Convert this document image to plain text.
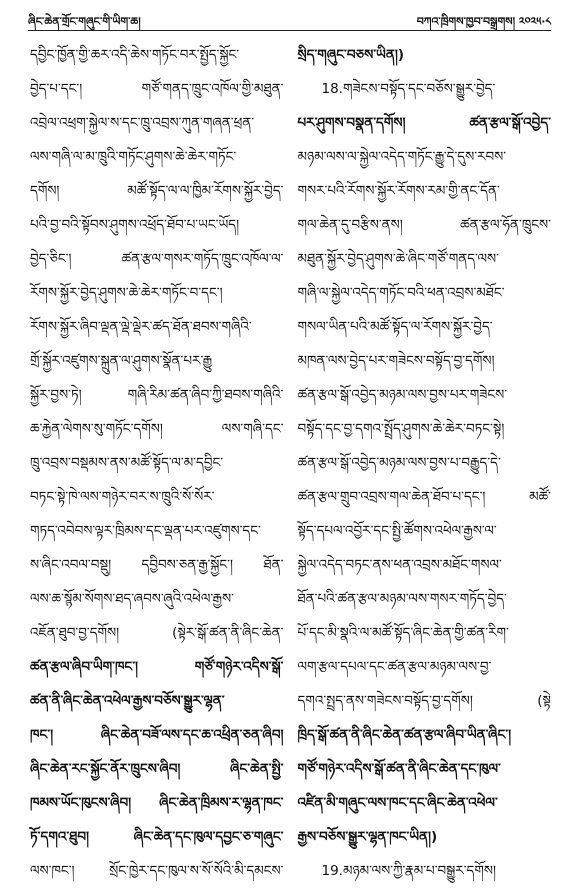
ཞིང་ཆེན་གྲོང་གཞུང་གི་ཡིག་ཆ།	བཀའ་ཁྲིགས་ཁྱབ་བསྒྲགས། ༢༠༢༥·༨
དབྱིང་ཁྱོན་གྱི་ཆར་འདི་ཆེས་གཏོང་བར་སྤྱོད་སྐྱོང་
བྱེད་པ་དང་། གཙོ་གནད་ཁྲུང་འཁོལ་གྱི་མཐུན་
འབྲེལ་འཕྲག་སྐྱེལ་ས་དང་ཁྲུ་འབྲས་ཀུན་གཞན་ཕྲན་
ལས་གཞི་ལ་མ་ཁྲུའི་གཏོང་ཤུགས་ཆེ་ཆེར་གཏོང་
དགོས། མཚོ་སྟོད་ལ་ལ་ཁྱིམ་རོགས་སྐྱོར་བྱེད་
པའི་བྱ་བའི་སྟོབས་ཤུགས་འཕྲོད་ཐོབ་པ་ཡང་ཡོད།
བྱེད་ཅིང་། ཚན་རྩལ་གསར་གཏོད་ཁྲུང་འཁོལ་ལ་
རོགས་སྐྱོར་བྱེད་ཤུགས་ཆེ་ཆེར་གཏོང་བ་དང་།
རོགས་སྐྱོར་ཞིབ་ལྡན་ལྡེ་ལྡེར་ཚད་ཐོན་ཐབས་གཞིའི་
གྲོ་སྐྱོར་འཛུགས་སྐྲུན་ལ་ཤུགས་སྣོན་པར་རྒྱུ
སྐྱོར་བྱས་ཏེ། གཞི་རིམ་ཚན་ཞིབ་ཀྱི་ཐབས་གཞིའི་
ཆ་རྐྱེན་ལེགས་སུ་གཏོང་དགོས། ལས་གཞི་དང་
ཁྲུ་འབྲས་བསྡམས་ནས་མཚོ་སྟོད་ལ་མ་དབྱིང་
བཏང་སྟེ་ཁེ་ལས་གཉེར་བར་ས་ཁྲུའི་སོ་སོར་
གཏད་འབེབས་ལྟར་ཁྲིམས་དང་ལྡན་པར་འཛུགས་དང་
ས་ཞིང་འབལ་བསྡུ། དབྱིབས་ཅན་རྒྱ་སྐྱོང་། ཐོན་
ལས་ཆ་སྙོམ་སོགས་ཐད་ཞབས་ཞུའི་འཕེལ་རྒྱས་
འཇོན་ཐུབ་བྱ་དགོས། (སྟེར་སྒོ་ཚན་ནི་ཞིང་ཆེན་
ཚན་རྩལ་ཞིབ་ཡིག་ཁང་། གཙོ་གཉེར་འདིས་སྒོ་
ཚན་ནི་ཞིང་ཆེན་འཕེལ་རྒྱས་བཅོས་སྒྱུར་ལྷན་
ཁང་། ཞིང་ཆེན་བཟོ་ལས་དང་ཆ་འཕྲིན་ཅན་ཞིབ།
ཞིང་ཆེན་རང་སྐྱོང་ནོར་ཁྲུངས་ཞིབ། ཞིང་ཆེན་སྤྱི་
ཁམས་ཡོང་ཁུངས་ཞིབ། ཞིང་ཆེན་ཁྲིམས་ར་ལྷན་ཁང་
ཏོ་དགའ་ཐུབ། ཞིང་ཆེན་དང་ཁུལ་དབྱང་ཅ་གཞུང་
ལས་ཁང་། སྲོང་ཁྱེར་དང་ཁུལ་ས་སོ་སོའི་མི་དམངས་
སྲིད་གཞུང་བཅས་ཡིན།)
18.གཟེངས་བསྟོད་དང་བཅོས་སྒྱུར་བྱེད་
པར་ཤུགས་བསྣན་དགོས། ཚན་རྩལ་སྒོ་འབྱེད་
མཉམ་ལས་ལ་སྐྱེལ་འདེད་གཏོང་རྒྱུ་དེ་དུས་རབས་
གསར་པའི་རོགས་སྐྱོར་རོགས་རམ་གྱི་ནང་དོན་
གལ་ཆེན་དུ་བརྩིས་ནས། ཚན་རྩལ་ཧོན་ཁྲུངས་
མཐུན་སྐྱོར་བྱེད་ཤུགས་ཆེ་ཞིང་གཙོ་གནད་ལས་
གཞི་ལ་སྐྱེལ་འདེད་གཏོང་བའི་ཕན་འབྲས་མཐོང་
གསལ་ཡིན་པའི་མཚོ་སྟོད་ལ་རོགས་སྐྱོར་བྱེད་
མཁན་ལས་བྱེད་པར་གཟེངས་བསྟོད་བྱ་དགོས།
ཚན་རྩལ་སྒོ་འབྱེད་མཉམ་ལས་བྱས་པར་གཟེངས་
བསྟོད་དང་བྱ་དགའ་སྤྲོད་ཤུགས་ཆེ་ཆེར་བཏང་སྟེ།
ཚན་རྩལ་སྒོ་འབྱེད་མཉམ་ལས་བྱས་པ་བརྒྱུད་དེ་
ཚན་རྩལ་གྲུབ་འབྲས་གལ་ཆེན་ཐོབ་པ་དང་། མཚོ་
སྟོད་དཔལ་འབྱོར་དང་སྤྱི་ཚོགས་འཕེལ་རྒྱས་ལ་
སྐྱེལ་འདེད་བཏང་ནས་ཕན་འབྲས་མཐོང་གསལ་
ཐོན་པའི་ཚན་རྩལ་མཉམ་ལས་གསར་གཏོད་བྱེད་
པོ་དང་མི་སྣའི་ལ་མཚོ་སྟོད་ཞིང་ཆེན་གྱི་ཚན་རིག་
ལག་རྩལ་དཔལ་དང་ཚན་རྩལ་མཉམ་ལས་བྱ་
དགའ་སྤྲད་ནས་གཟེངས་བསྟོད་བྱ་དགོས། (སྟེ
ཁྲིད་སྒོ་ཚན་ནི་ཞིང་ཆེན་ཚན་རྩལ་ཞིབ་ཡིན་ཞིང་།
གཙོ་གཉེར་འདིས་སྒོ་ཚན་ནི་ཞིང་ཆེན་དང་ཁུལ་
འཛིན་མི་གཞུང་ལས་ཁང་དང་ཞིང་ཆེན་འཕེལ་
རྒྱས་བཅོས་སྒྱུར་ལྷན་ཁང་ཡིན།)
19.མཉམ་ལས་ཀྱི་རྣམ་པ་བསྒྱུར་དགོས།
